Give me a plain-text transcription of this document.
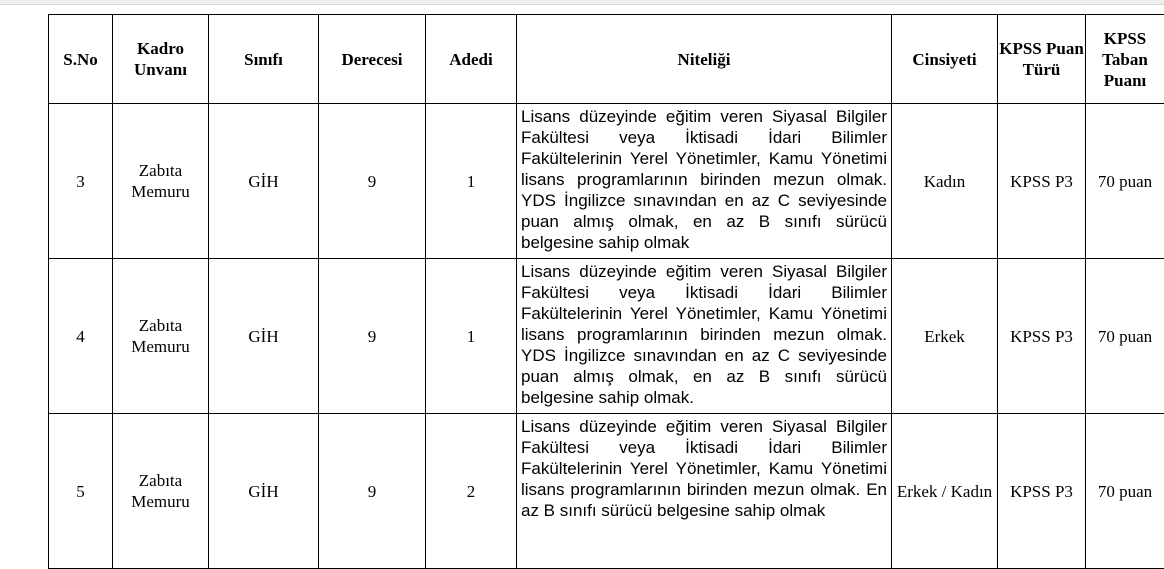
S.No	Kadro Unvanı	Sınıfı	Derecesi	Adedi	Niteliği	Cinsiyeti	KPSS Puan Türü	KPSS Taban Puanı
3	Zabıta Memuru	GİH	9	1	Lisans düzeyinde eğitim veren Siyasal Bilgiler Fakültesi veya İktisadi İdari Bilimler Fakültelerinin Yerel Yönetimler, Kamu Yönetimi lisans programlarının birinden mezun olmak. YDS İngilizce sınavından en az C seviyesinde puan almış olmak, en az B sınıfı sürücü belgesine sahip olmak	Kadın	KPSS P3	70 puan
4	Zabıta Memuru	GİH	9	1	Lisans düzeyinde eğitim veren Siyasal Bilgiler Fakültesi veya İktisadi İdari Bilimler Fakültelerinin Yerel Yönetimler, Kamu Yönetimi lisans programlarının birinden mezun olmak. YDS İngilizce sınavından en az C seviyesinde puan almış olmak, en az B sınıfı sürücü belgesine sahip olmak.	Erkek	KPSS P3	70 puan
5	Zabıta Memuru	GİH	9	2	Lisans düzeyinde eğitim veren Siyasal Bilgiler Fakültesi veya İktisadi İdari Bilimler Fakültelerinin Yerel Yönetimler, Kamu Yönetimi lisans programlarının birinden mezun olmak. En az B sınıfı sürücü belgesine sahip olmak	Erkek / Kadın	KPSS P3	70 puan
